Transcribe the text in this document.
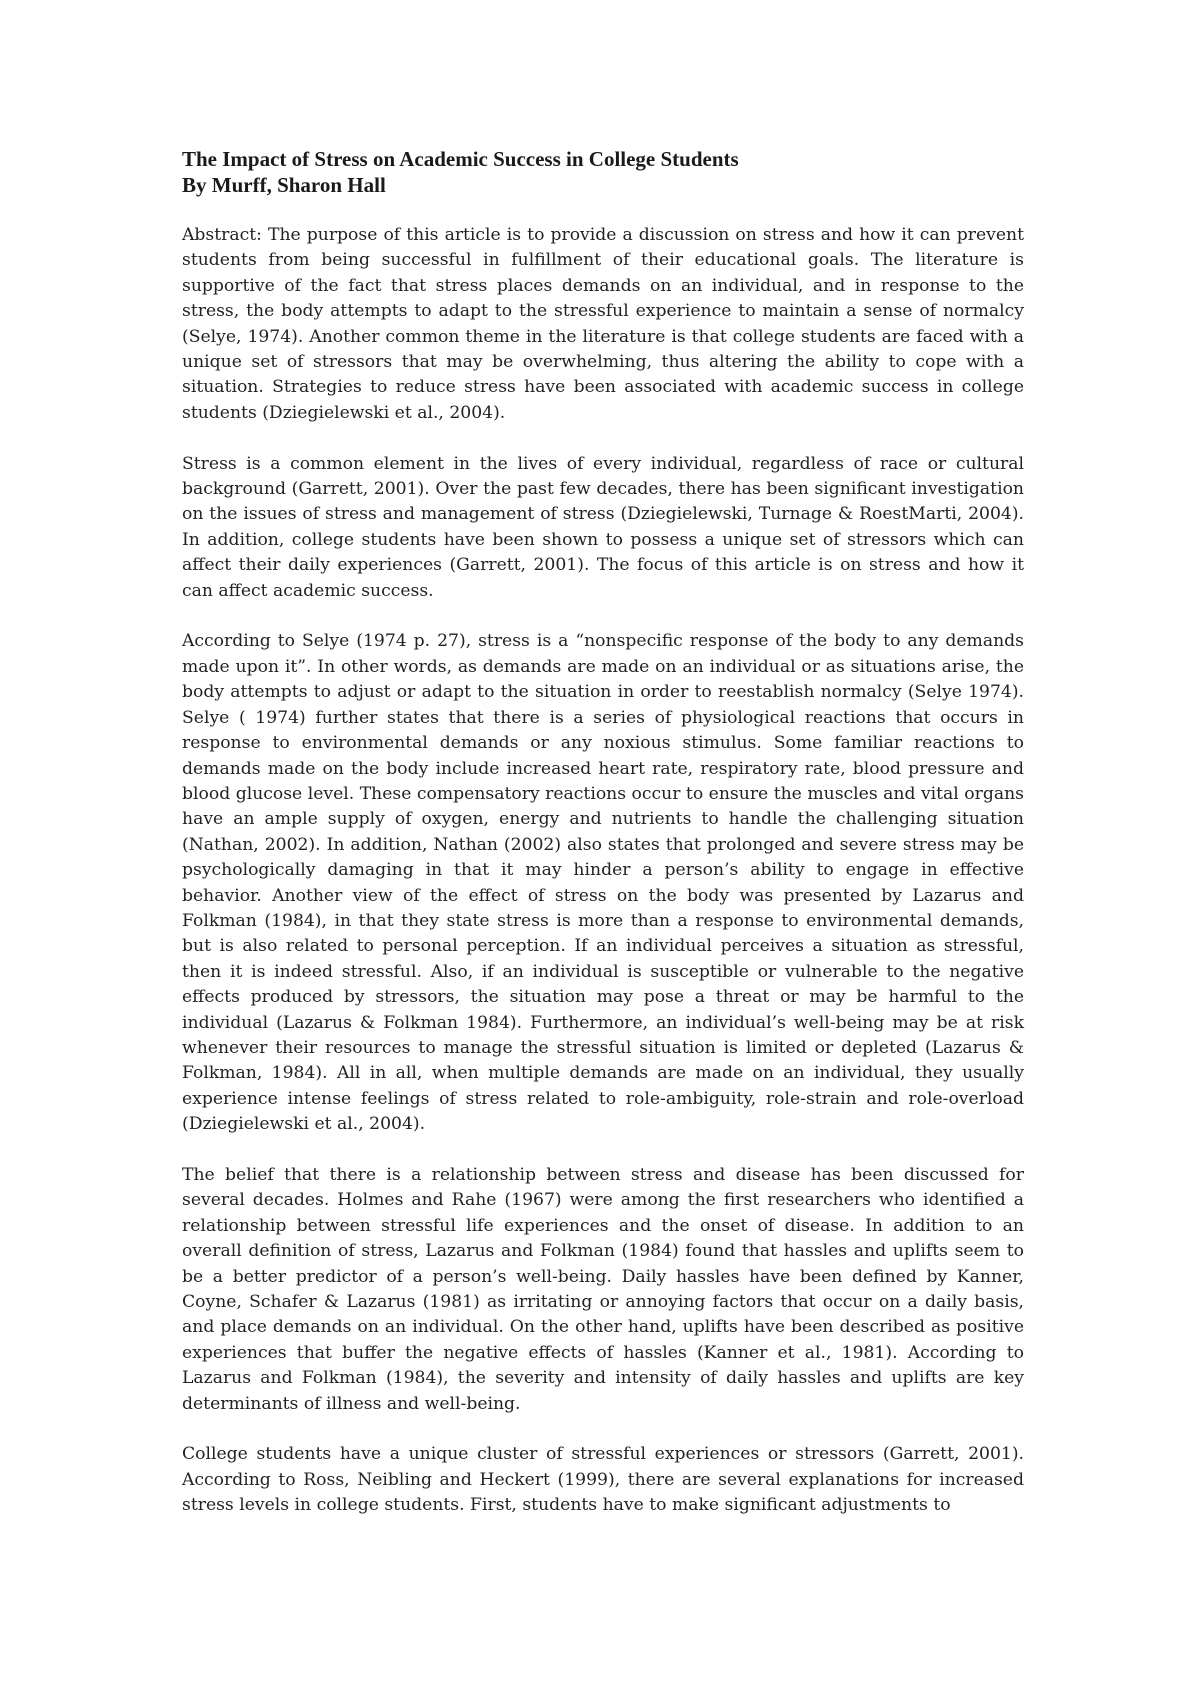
The Impact of Stress on Academic Success in College Students
By Murff, Sharon Hall

Abstract: The purpose of this article is to provide a discussion on stress and how it can prevent students from being successful in fulfillment of their educational goals. The literature is supportive of the fact that stress places demands on an individual, and in response to the stress, the body attempts to adapt to the stressful experience to maintain a sense of normalcy (Selye, 1974). Another common theme in the literature is that college students are faced with a unique set of stressors that may be overwhelming, thus altering the ability to cope with a situation. Strategies to reduce stress have been associated with academic success in college students (Dziegielewski et al., 2004).

Stress is a common element in the lives of every individual, regardless of race or cultural background (Garrett, 2001). Over the past few decades, there has been significant investigation on the issues of stress and management of stress (Dziegielewski, Turnage & RoestMarti, 2004). In addition, college students have been shown to possess a unique set of stressors which can affect their daily experiences (Garrett, 2001). The focus of this article is on stress and how it can affect academic success.

According to Selye (1974 p. 27), stress is a “nonspecific response of the body to any demands made upon it”. In other words, as demands are made on an individual or as situations arise, the body attempts to adjust or adapt to the situation in order to reestablish normalcy (Selye 1974). Selye ( 1974) further states that there is a series of physiological reactions that occurs in response to environmental demands or any noxious stimulus. Some familiar reactions to demands made on the body include increased heart rate, respiratory rate, blood pressure and blood glucose level. These compensatory reactions occur to ensure the muscles and vital organs have an ample supply of oxygen, energy and nutrients to handle the challenging situation (Nathan, 2002). In addition, Nathan (2002) also states that prolonged and severe stress may be psychologically damaging in that it may hinder a person’s ability to engage in effective behavior. Another view of the effect of stress on the body was presented by Lazarus and Folkman (1984), in that they state stress is more than a response to environmental demands, but is also related to personal perception. If an individual perceives a situation as stressful, then it is indeed stressful. Also, if an individual is susceptible or vulnerable to the negative effects produced by stressors, the situation may pose a threat or may be harmful to the individual (Lazarus & Folkman 1984). Furthermore, an individual’s well-being may be at risk whenever their resources to manage the stressful situation is limited or depleted (Lazarus & Folkman, 1984). All in all, when multiple demands are made on an individual, they usually experience intense feelings of stress related to role-ambiguity, role-strain and role-overload (Dziegielewski et al., 2004).

The belief that there is a relationship between stress and disease has been discussed for several decades. Holmes and Rahe (1967) were among the first researchers who identified a relationship between stressful life experiences and the onset of disease. In addition to an overall definition of stress, Lazarus and Folkman (1984) found that hassles and uplifts seem to be a better predictor of a person’s well-being. Daily hassles have been defined by Kanner, Coyne, Schafer & Lazarus (1981) as irritating or annoying factors that occur on a daily basis, and place demands on an individual. On the other hand, uplifts have been described as positive experiences that buffer the negative effects of hassles (Kanner et al., 1981). According to Lazarus and Folkman (1984), the severity and intensity of daily hassles and uplifts are key determinants of illness and well-being.

College students have a unique cluster of stressful experiences or stressors (Garrett, 2001). According to Ross, Neibling and Heckert (1999), there are several explanations for increased stress levels in college students. First, students have to make significant adjustments to
